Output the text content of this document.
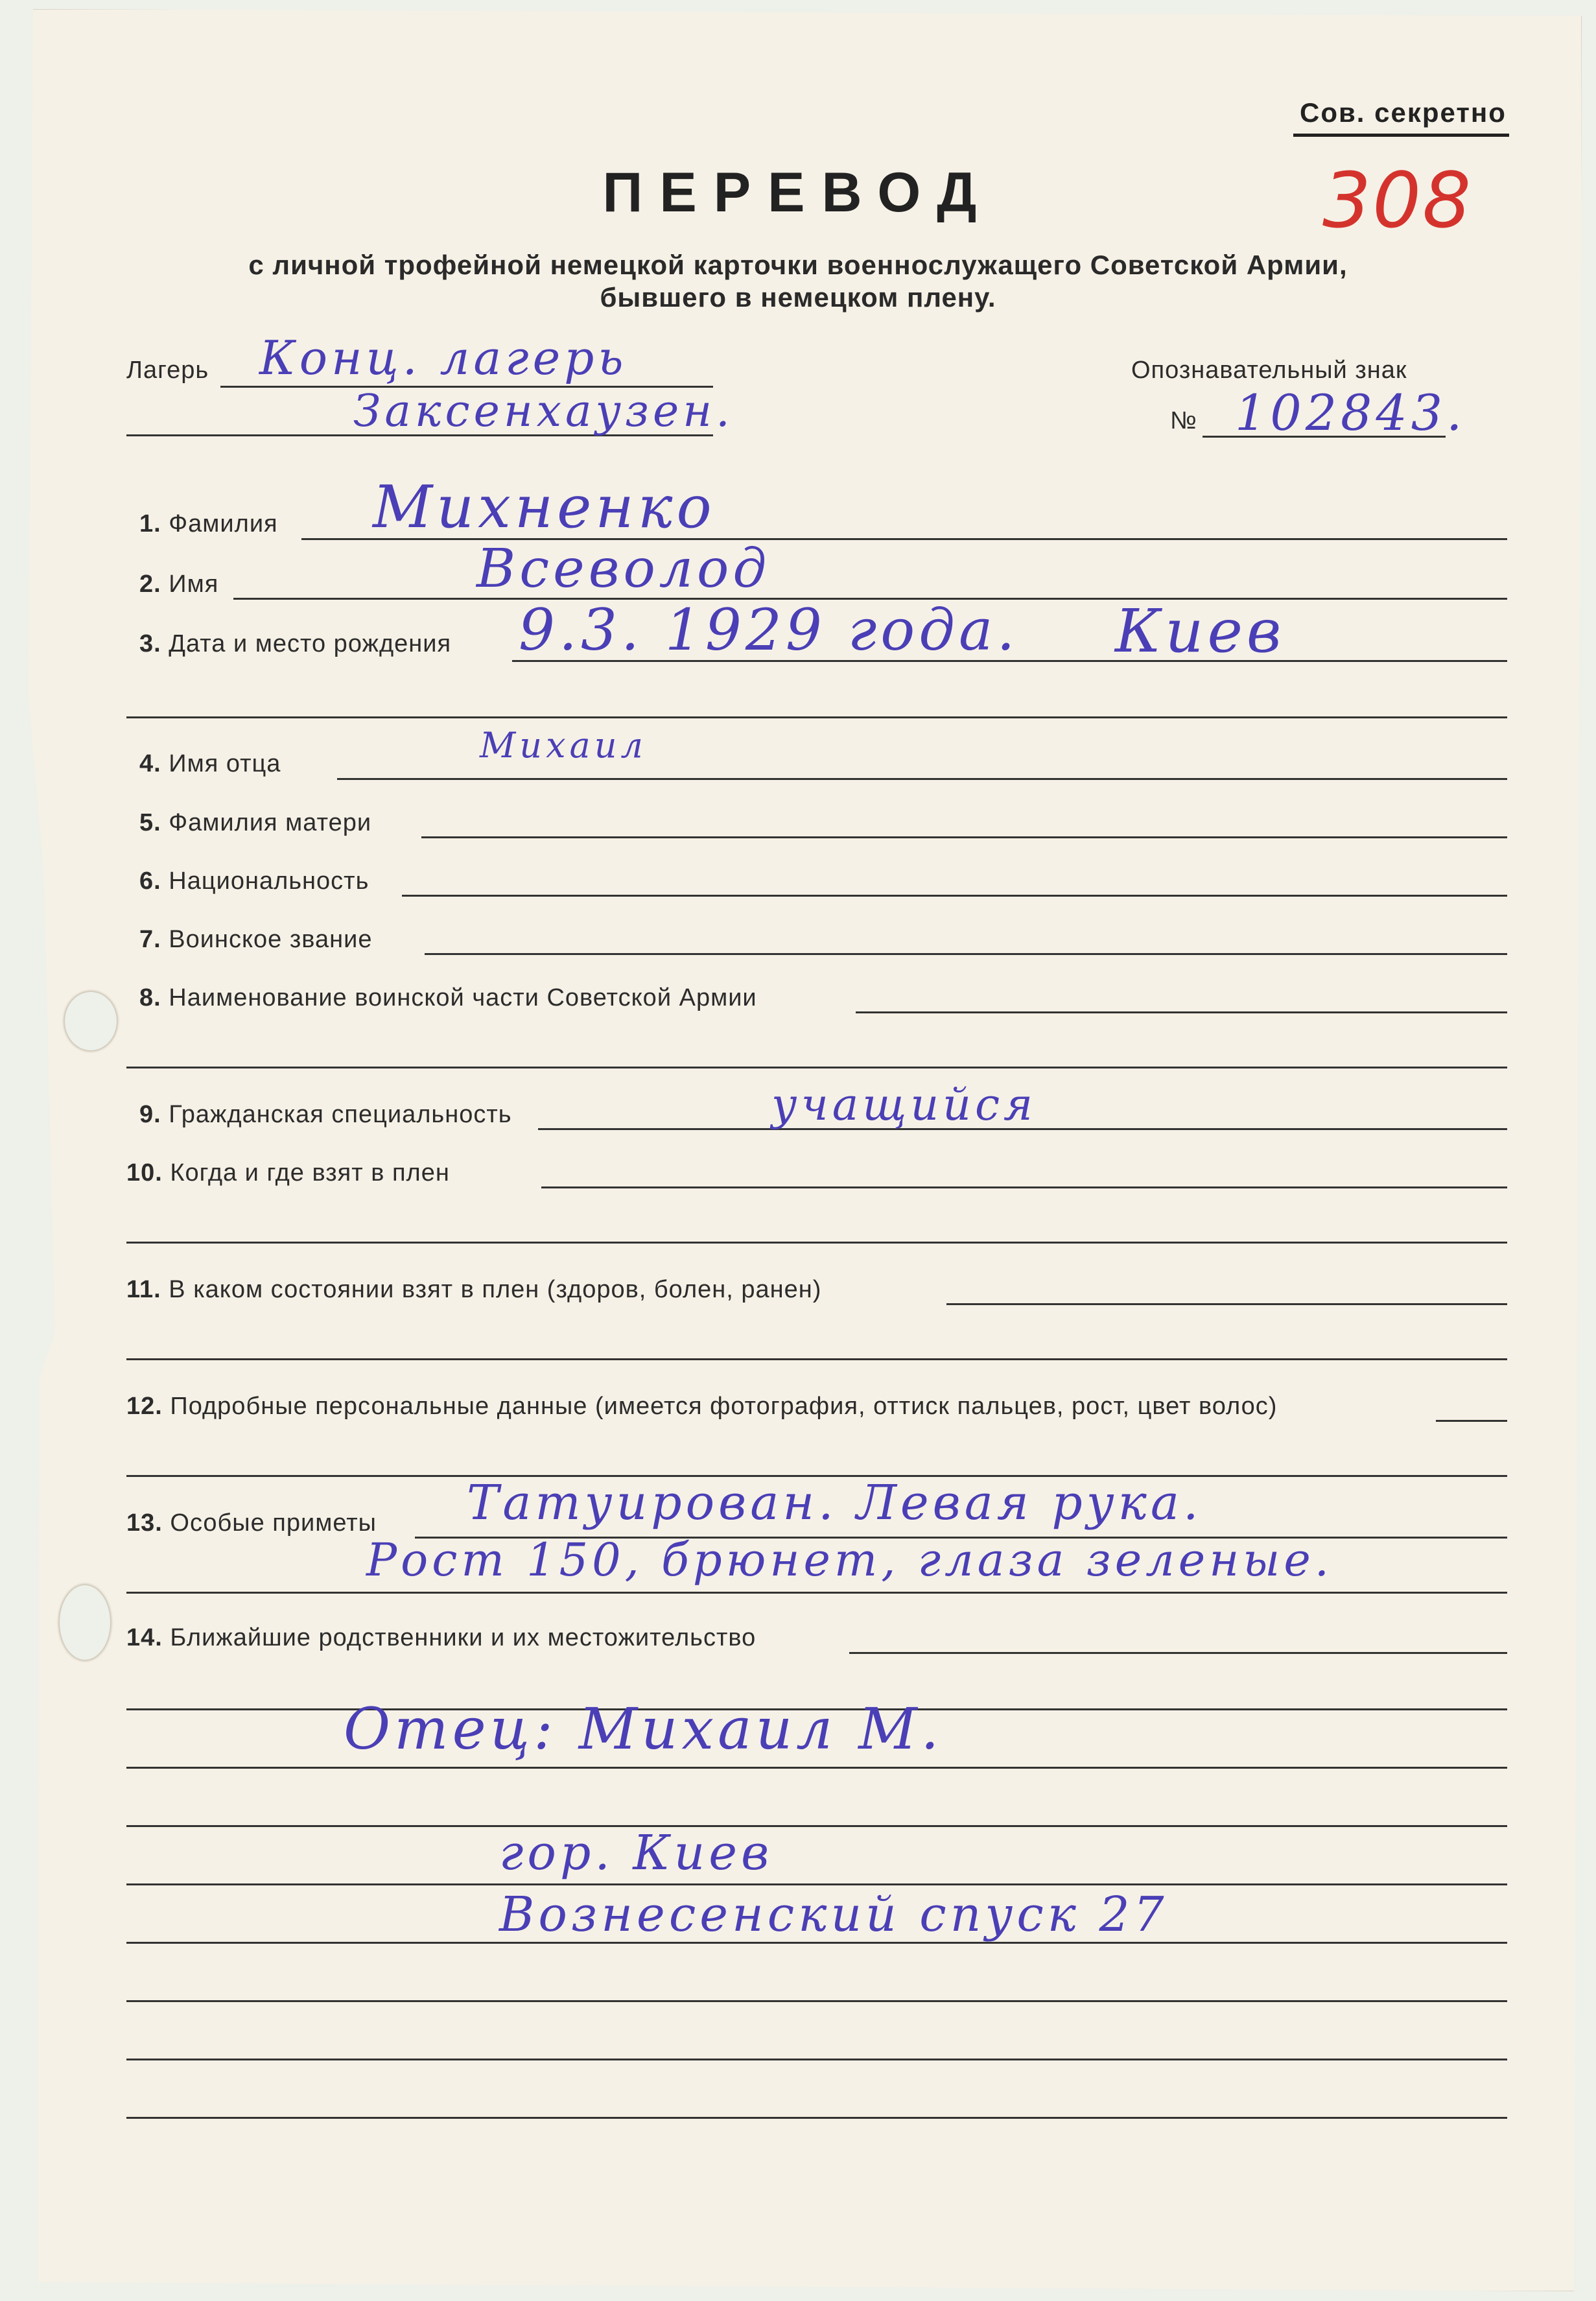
Сов. секретно
308
ПЕРЕВОД
с личной трофейной немецкой карточки военнослужащего Советской Армии,
бывшего в немецком плену.
Лагерь Конц. лагерь
Заксенхаузен.
Опознавательный знак
№ 102843.
1. Фамилия Михненко
2. Имя	Всеволод
3. Дата и место рождения 9.3. 1929 года. Киев
4. Имя отца	Михаил
5. Фамилия матери
6. Национальность
7. Воинское звание
8. Наименование воинской части Советской Армии
9. Гражданская специальность	учащийся
10. Когда и где взят в плен
11. В каком состоянии взят в плен (здоров, болен, ранен)
12. Подробные персональные данные (имеется фотография, оттиск пальцев, рост, цвет волос)
13. Особые приметы Татуирован. Левая рука.
Рост 150, брюнет, глаза зеленые.
14. Ближайшие родственники и их местожительство
Отец: Михаил М.
гор. Киев
Вознесенский спуск 27
